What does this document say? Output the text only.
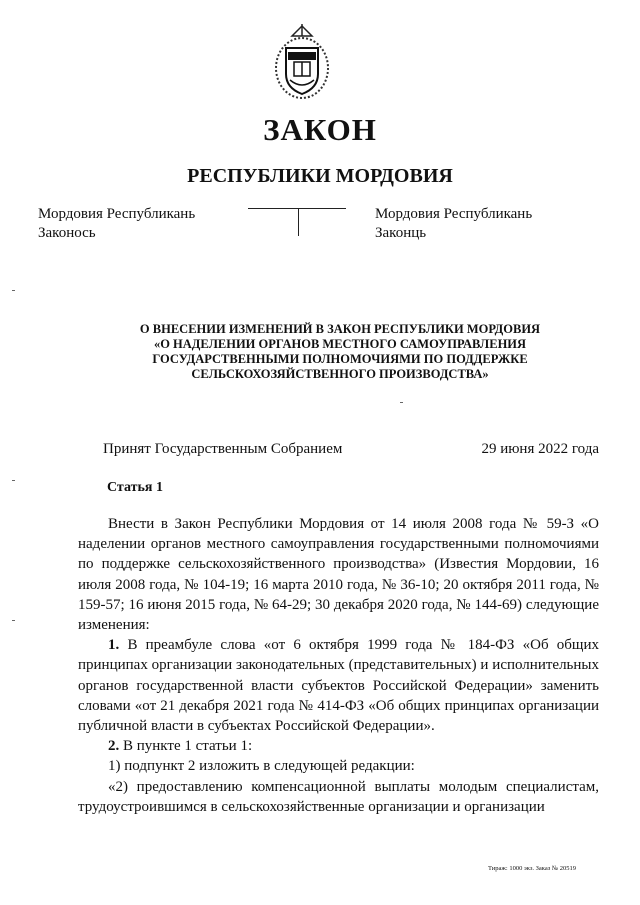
ЗАКОН
РЕСПУБЛИКИ МОРДОВИЯ
Мордовия Республикань
Законось
Мордовия Республикань
Законць
О ВНЕСЕНИИ ИЗМЕНЕНИЙ В ЗАКОН РЕСПУБЛИКИ МОРДОВИЯ
«О НАДЕЛЕНИИ ОРГАНОВ МЕСТНОГО САМОУПРАВЛЕНИЯ
ГОСУДАРСТВЕННЫМИ ПОЛНОМОЧИЯМИ ПО ПОДДЕРЖКЕ
СЕЛЬСКОХОЗЯЙСТВЕННОГО ПРОИЗВОДСТВА»
Принят Государственным Собранием	29 июня 2022 года
Статья 1

Внести в Закон Республики Мордовия от 14 июля 2008 года № 59-З «О наделении органов местного самоуправления государственными полномочиями по поддержке сельскохозяйственного производства» (Известия Мордовии, 16 июля 2008 года, № 104-19; 16 марта 2010 года, № 36-10; 20 октября 2011 года, № 159-57; 16 июня 2015 года, № 64-29; 30 декабря 2020 года, № 144-69) следующие изменения:

1. В преамбуле слова «от 6 октября 1999 года № 184-ФЗ «Об общих принципах организации законодательных (представительных) и исполнительных органов государственной власти субъектов Российской Федерации» заменить словами «от 21 декабря 2021 года № 414-ФЗ «Об общих принципах организации публичной власти в субъектах Российской Федерации».

2. В пункте 1 статьи 1:

1) подпункт 2 изложить в следующей редакции:

«2) предоставлению компенсационной выплаты молодым специалистам, трудоустроившимся в сельскохозяйственные организации и организации

Тираж: 1000 экз. Заказ № 20519
